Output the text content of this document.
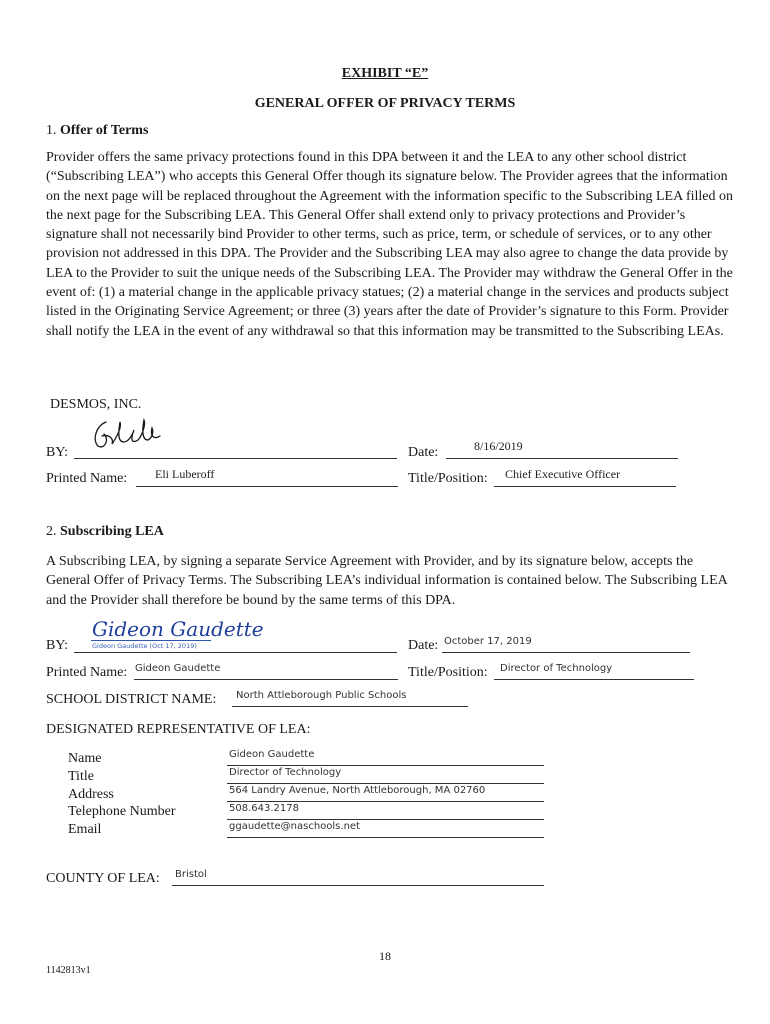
EXHIBIT “E”
GENERAL OFFER OF PRIVACY TERMS
1. Offer of Terms
Provider offers the same privacy protections found in this DPA between it and the LEA to any other school district (“Subscribing LEA”) who accepts this General Offer though its signature below. The Provider agrees that the information on the next page will be replaced throughout the Agreement with the information specific to the Subscribing LEA filled on the next page for the Subscribing LEA. This General Offer shall extend only to privacy protections and Provider’s signature shall not necessarily bind Provider to other terms, such as price, term, or schedule of services, or to any other provision not addressed in this DPA. The Provider and the Subscribing LEA may also agree to change the data provide by LEA to the Provider to suit the unique needs of the Subscribing LEA. The Provider may withdraw the General Offer in the event of: (1) a material change in the applicable privacy statues; (2) a material change in the services and products subject listed in the Originating Service Agreement; or three (3) years after the date of Provider’s signature to this Form. Provider shall notify the LEA in the event of any withdrawal so that this information may be transmitted to the Subscribing LEAs.
DESMOS, INC.
BY:	Date:	8/16/2019
Printed Name: Eli Luberoff	Title/Position: Chief Executive Officer
2. Subscribing LEA
A Subscribing LEA, by signing a separate Service Agreement with Provider, and by its signature below, accepts the General Offer of Privacy Terms. The Subscribing LEA’s individual information is contained below. The Subscribing LEA and the Provider shall therefore be bound by the same terms of this DPA.
BY:
Gideon Gaudette
Gideon Gaudette (Oct 17, 2019)	Date: October 17, 2019
Printed Name: Gideon Gaudette	Title/Position: Director of Technology
SCHOOL DISTRICT NAME: North Attleborough Public Schools
DESIGNATED REPRESENTATIVE OF LEA:
Name	Gideon Gaudette
Title	Director of Technology
Address	564 Landry Avenue, North Attleborough, MA 02760
Telephone Number	508.643.2178
Email	ggaudette@naschools.net
COUNTY OF LEA: Bristol
18
1142813v1
